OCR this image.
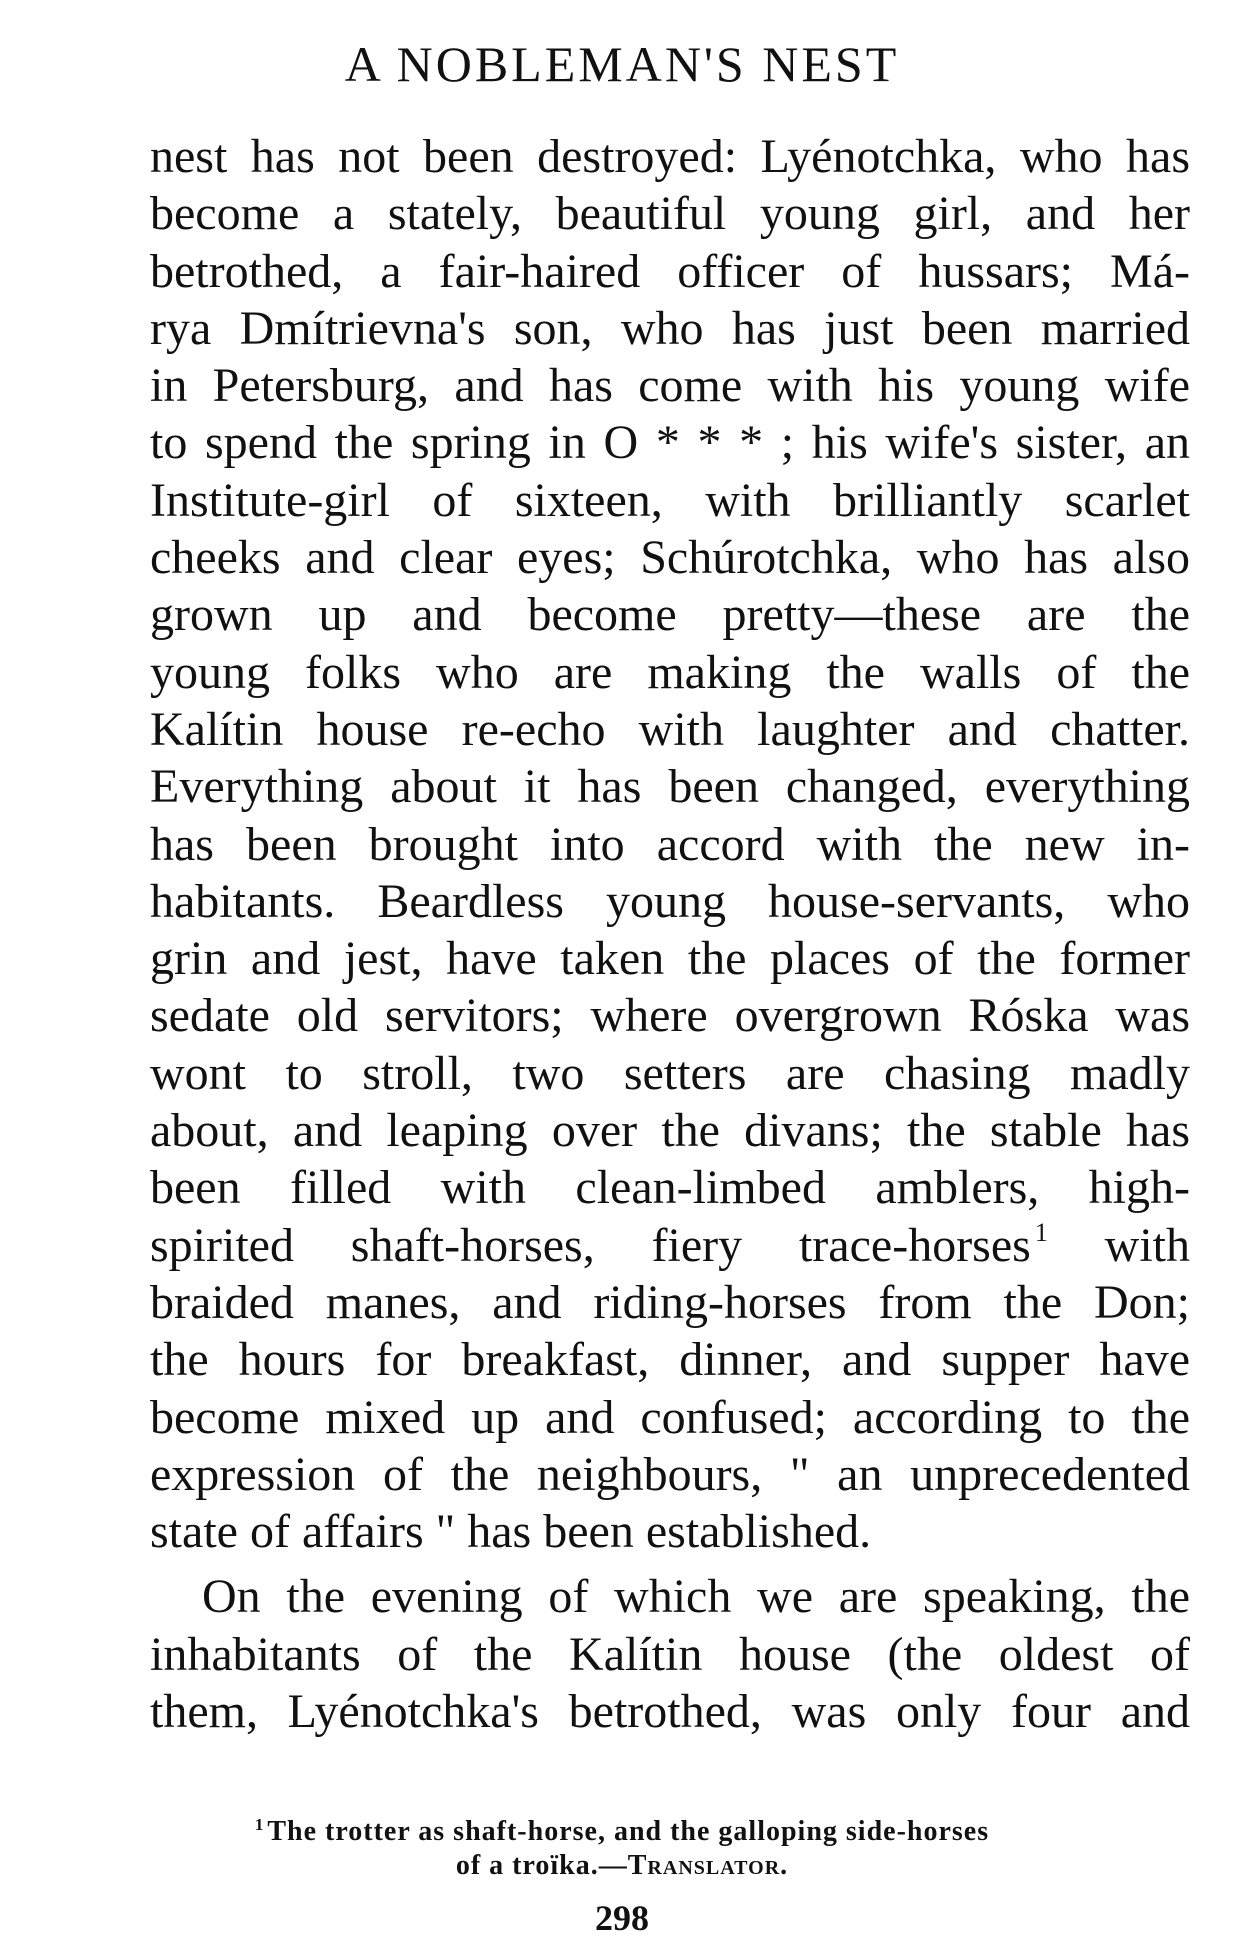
A NOBLEMAN'S NEST
nest has not been destroyed: Lyénotchka, who has
become a stately, beautiful young girl, and her
betrothed, a fair-haired officer of hussars; Má-
rya Dmítrievna's son, who has just been married
in Petersburg, and has come with his young wife
to spend the spring in O * * * ; his wife's sister, an
Institute-girl of sixteen, with brilliantly scarlet
cheeks and clear eyes; Schúrotchka, who has also
grown up and become pretty—these are the
young folks who are making the walls of the
Kalítin house re-echo with laughter and chatter.
Everything about it has been changed, everything
has been brought into accord with the new in-
habitants. Beardless young house-servants, who
grin and jest, have taken the places of the former
sedate old servitors; where overgrown Róska was
wont to stroll, two setters are chasing madly
about, and leaping over the divans; the stable has
been filled with clean-limbed amblers, high-
spirited shaft-horses, fiery trace-horses $^1$ with
braided manes, and riding-horses from the Don;
the hours for breakfast, dinner, and supper have
become mixed up and confused; according to the
expression of the neighbours, " an unprecedented
state of affairs " has been established.
On the evening of which we are speaking, the
inhabitants of the Kalítin house (the oldest of
them, Lyénotchka's betrothed, was only four and
$^1$ The trotter as shaft-horse, and the galloping side-horses
of a troïka.—Translator.
298
